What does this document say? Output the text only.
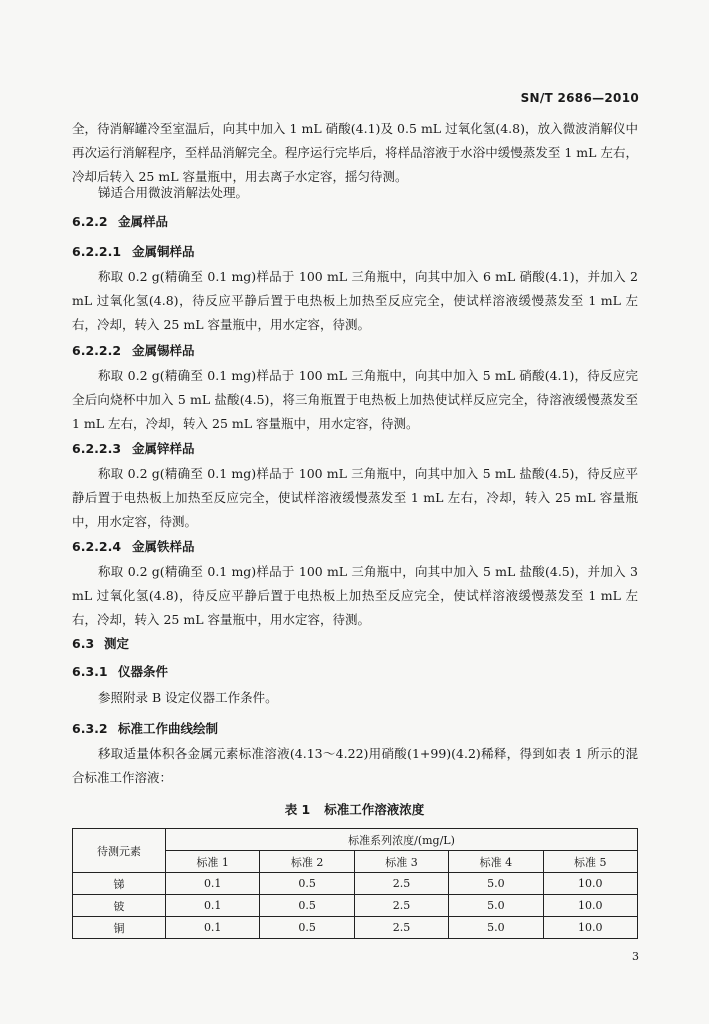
SN/T 2686—2010
全，待消解罐冷至室温后，向其中加入 1 mL 硝酸(4.1)及 0.5 mL 过氧化氢(4.8)，放入微波消解仪中再次运行消解程序，至样品消解完全。程序运行完毕后，将样品溶液于水浴中缓慢蒸发至 1 mL 左右，冷却后转入 25 mL 容量瓶中，用去离子水定容，摇匀待测。
锑适合用微波消解法处理。
6.2.2 金属样品
6.2.2.1 金属铜样品
称取 0.2 g(精确至 0.1 mg)样品于 100 mL 三角瓶中，向其中加入 6 mL 硝酸(4.1)，并加入 2 mL 过氧化氢(4.8)，待反应平静后置于电热板上加热至反应完全，使试样溶液缓慢蒸发至 1 mL 左右，冷却，转入 25 mL 容量瓶中，用水定容，待测。
6.2.2.2 金属锡样品
称取 0.2 g(精确至 0.1 mg)样品于 100 mL 三角瓶中，向其中加入 5 mL 硝酸(4.1)，待反应完全后向烧杯中加入 5 mL 盐酸(4.5)，将三角瓶置于电热板上加热使试样反应完全，待溶液缓慢蒸发至 1 mL 左右，冷却，转入 25 mL 容量瓶中，用水定容，待测。
6.2.2.3 金属锌样品
称取 0.2 g(精确至 0.1 mg)样品于 100 mL 三角瓶中，向其中加入 5 mL 盐酸(4.5)，待反应平静后置于电热板上加热至反应完全，使试样溶液缓慢蒸发至 1 mL 左右，冷却，转入 25 mL 容量瓶中，用水定容，待测。
6.2.2.4 金属铁样品
称取 0.2 g(精确至 0.1 mg)样品于 100 mL 三角瓶中，向其中加入 5 mL 盐酸(4.5)，并加入 3 mL 过氧化氢(4.8)，待反应平静后置于电热板上加热至反应完全，使试样溶液缓慢蒸发至 1 mL 左右，冷却，转入 25 mL 容量瓶中，用水定容，待测。
6.3 测定
6.3.1 仪器条件
参照附录 B 设定仪器工作条件。
6.3.2 标准工作曲线绘制
移取适量体积各金属元素标准溶液(4.13～4.22)用硝酸(1+99)(4.2)稀释，得到如表 1 所示的混合标准工作溶液：
表 1 标准工作溶液浓度
待测元素	标准系列浓度/(mg/L)				
	标准 1	标准 2	标准 3	标准 4	标准 5
锑	0.1	0.5	2.5	5.0	10.0
铍	0.1	0.5	2.5	5.0	10.0
铜	0.1	0.5	2.5	5.0	10.0
3
